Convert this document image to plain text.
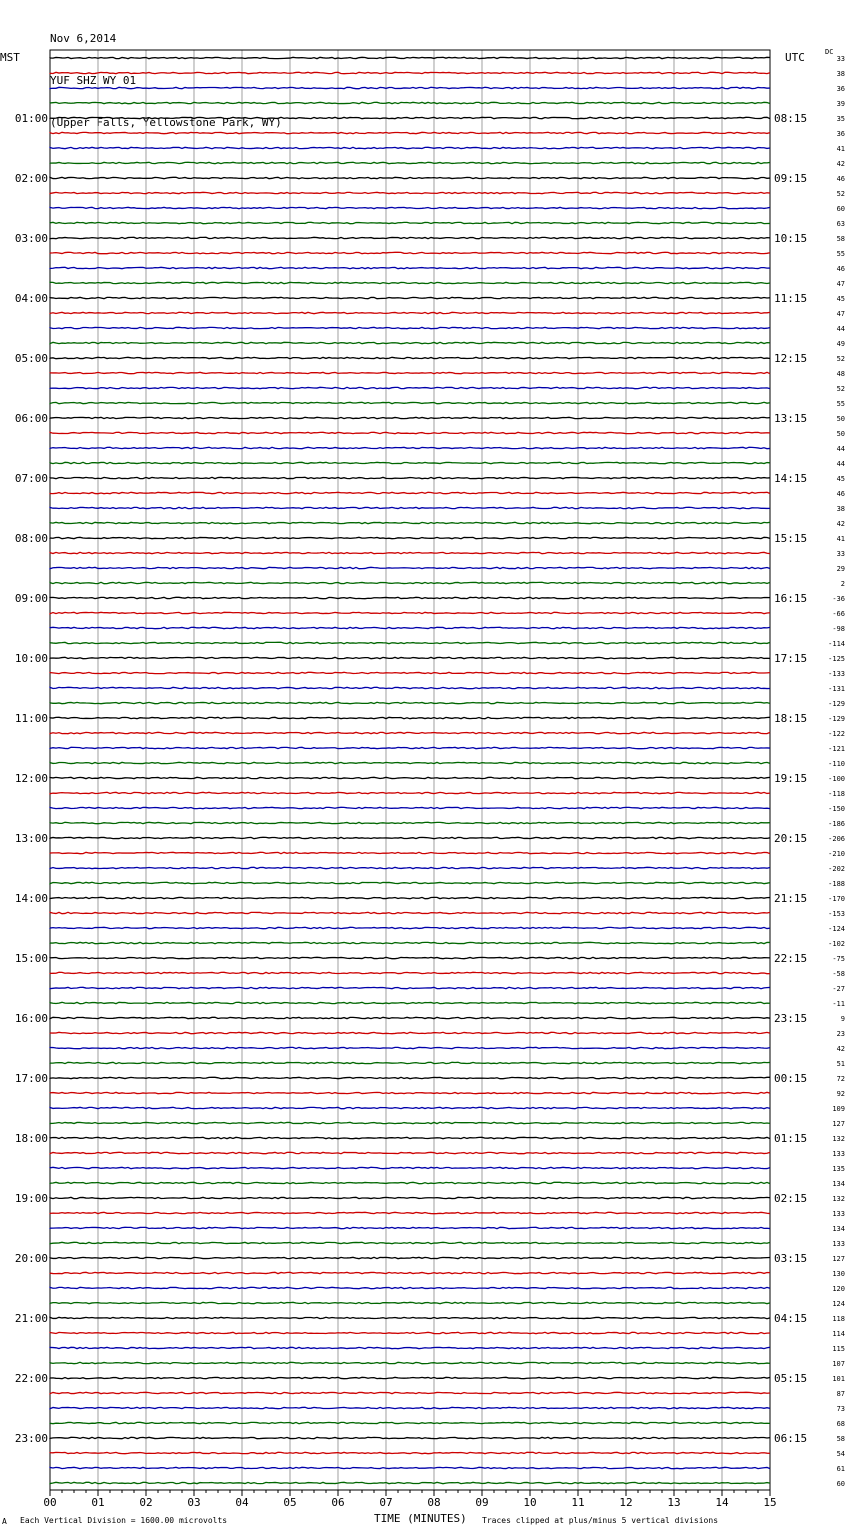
Nov 6,2014

YUF SHZ WY 01

(Upper Falls, Yellowstone Park, WY)

MST	UTC	DC
33
38
36
39
35
36
41
42
46
52
60
63
58
55
46
47
45
47
44
49
52
48
52
55
50
50
44
44
45
46
38
42
41
33
29
2
-36
-66
-98
-114
-125
-133
-131
-129
-129
-122
-121
-110
-100
-118
-150
-186
-206
-210
-202
-188
-170
-153
-124
-102
-75
-58
-27
-11
9
23
42
51
72
92
109
127
132
133
135
134
132
133
134
133
127
130
120
124
118
114
115
107
101
87
73
68
58
54
61
60
01:00
02:00
03:00
04:00
05:00
06:00
07:00
08:00
09:00
10:00
11:00
12:00
13:00
14:00
15:00
16:00
17:00
18:00
19:00
20:00
21:00
22:00
23:00
08:15
09:15
10:15
11:15
12:15
13:15
14:15
15:15
16:15
17:15
18:15
19:15
20:15
21:15
22:15
23:15
00:15
01:15
02:15
03:15
04:15
05:15
06:15
00	01	02	03	04	05	06	07	08	09	10	11	12	13	14	15
A Each Vertical Division = 1600.00 microvolts	TIME (MINUTES) Traces clipped at plus/minus 5 vertical divisions
